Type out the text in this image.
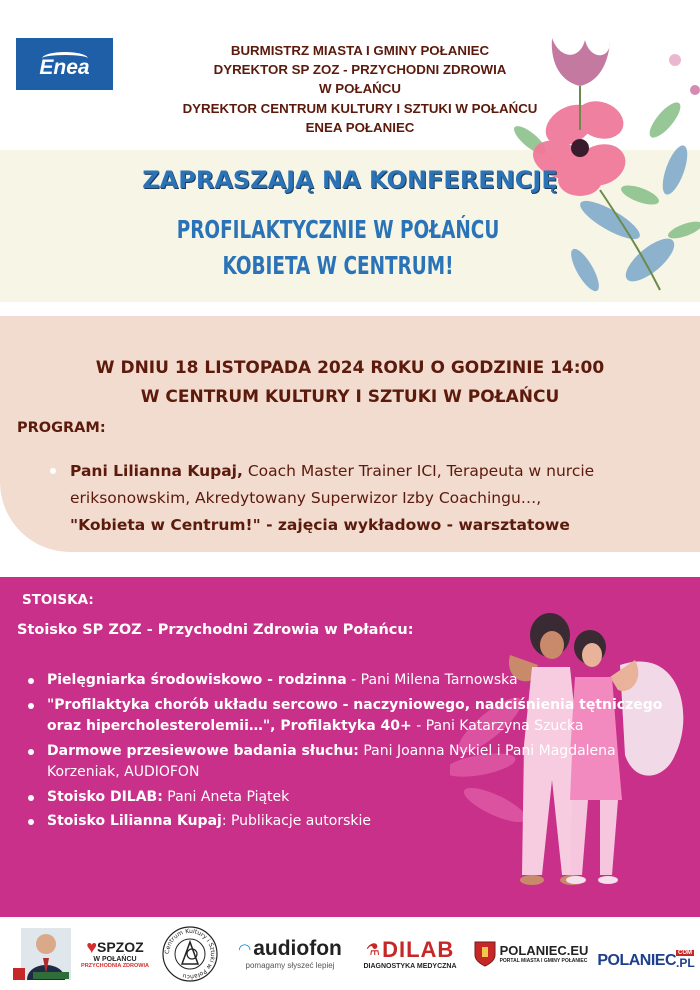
Enea
BURMISTRZ MIASTA I GMINY POŁANIEC
DYREKTOR SP ZOZ - PRZYCHODNI ZDROWIA
W POŁAŃCU
DYREKTOR CENTRUM KULTURY I SZTUKI W POŁAŃCU
ENEA POŁANIEC
ZAPRASZAJĄ NA KONFERENCJĘ
PROFILAKTYCZNIE W POŁAŃCU
KOBIETA W CENTRUM!
W DNIU 18 LISTOPADA 2024 ROKU O GODZINIE 14:00
W CENTRUM KULTURY I SZTUKI W POŁAŃCU
PROGRAM:
Pani Lilianna Kupaj, Coach Master Trainer ICI, Terapeuta w nurcie eriksonowskim, Akredytowany Superwizor Izby Coachingu…,
"Kobieta w Centrum!" - zajęcia wykładowo - warsztatowe
STOISKA:
Stoisko SP ZOZ - Przychodni Zdrowia w Połańcu:
Pielęgniarka środowiskowo - rodzinna - Pani Milena Tarnowska
"Profilaktyka chorób układu sercowo - naczyniowego, nadciśnienia tętniczego oraz hipercholesterolemii…", Profilaktyka 40+ - Pani Katarzyna Szucka
Darmowe przesiewowe badania słuchu: Pani Joanna Nykiel i Pani Magdalena Korzeniak, AUDIOFON
Stoisko DILAB: Pani Aneta Piątek
Stoisko Lilianna Kupaj: Publikacje autorskie
♥ SPZOZ
W POŁAŃCU
PRZYCHODNIA ZDROWIA
Centrum Kultury i Sztuki w Połańcu
◠ audiofon
pomagamy słyszeć lepiej
⚗ DILAB
DIAGNOSTYKA MEDYCZNA
POLANIEC.EU
PORTAL MIASTA I GMINY POŁANIEC POLANIEC COM
.PL
